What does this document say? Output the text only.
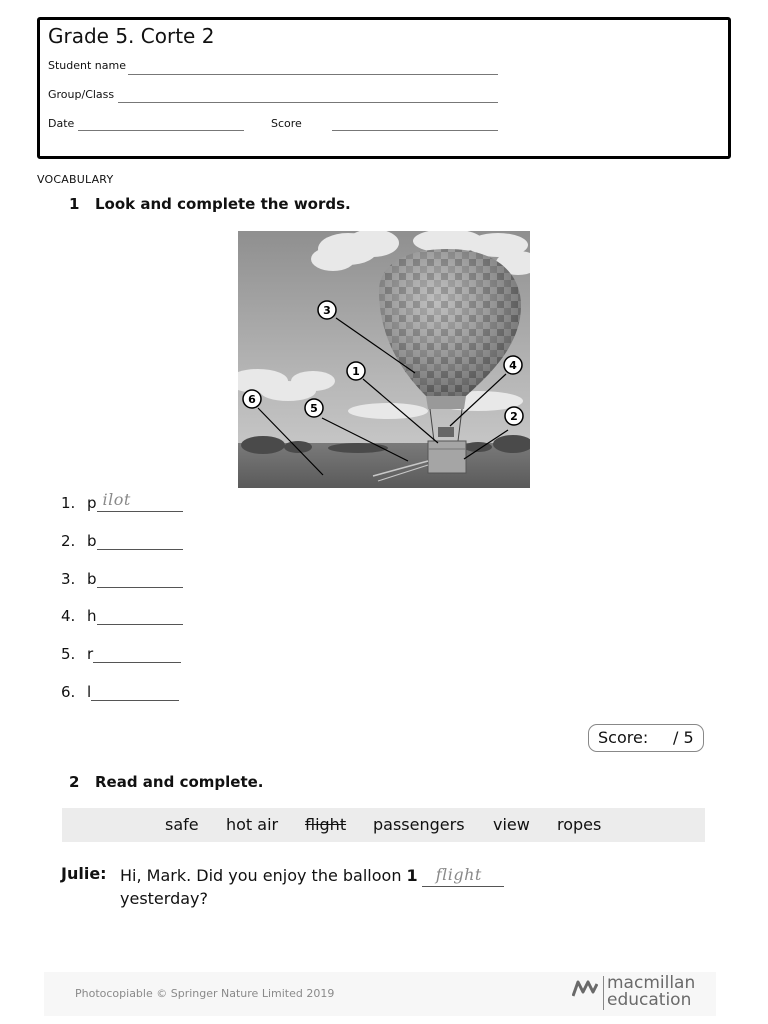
Grade 5. Corte 2
Student name
Group/Class
Date	Score
VOCABULARY
1 Look and complete the words.
3
1
6
5
4
2
1. p ilot
2. b
3. b
4. h
5. r
6. l
Score: / 5
2 Read and complete.
safe hot air flight passengers view ropes
Julie: Hi, Mark. Did you enjoy the balloon 1 flight

yesterday?
Photocopiable © Springer Nature Limited 2019
macmillan
education
